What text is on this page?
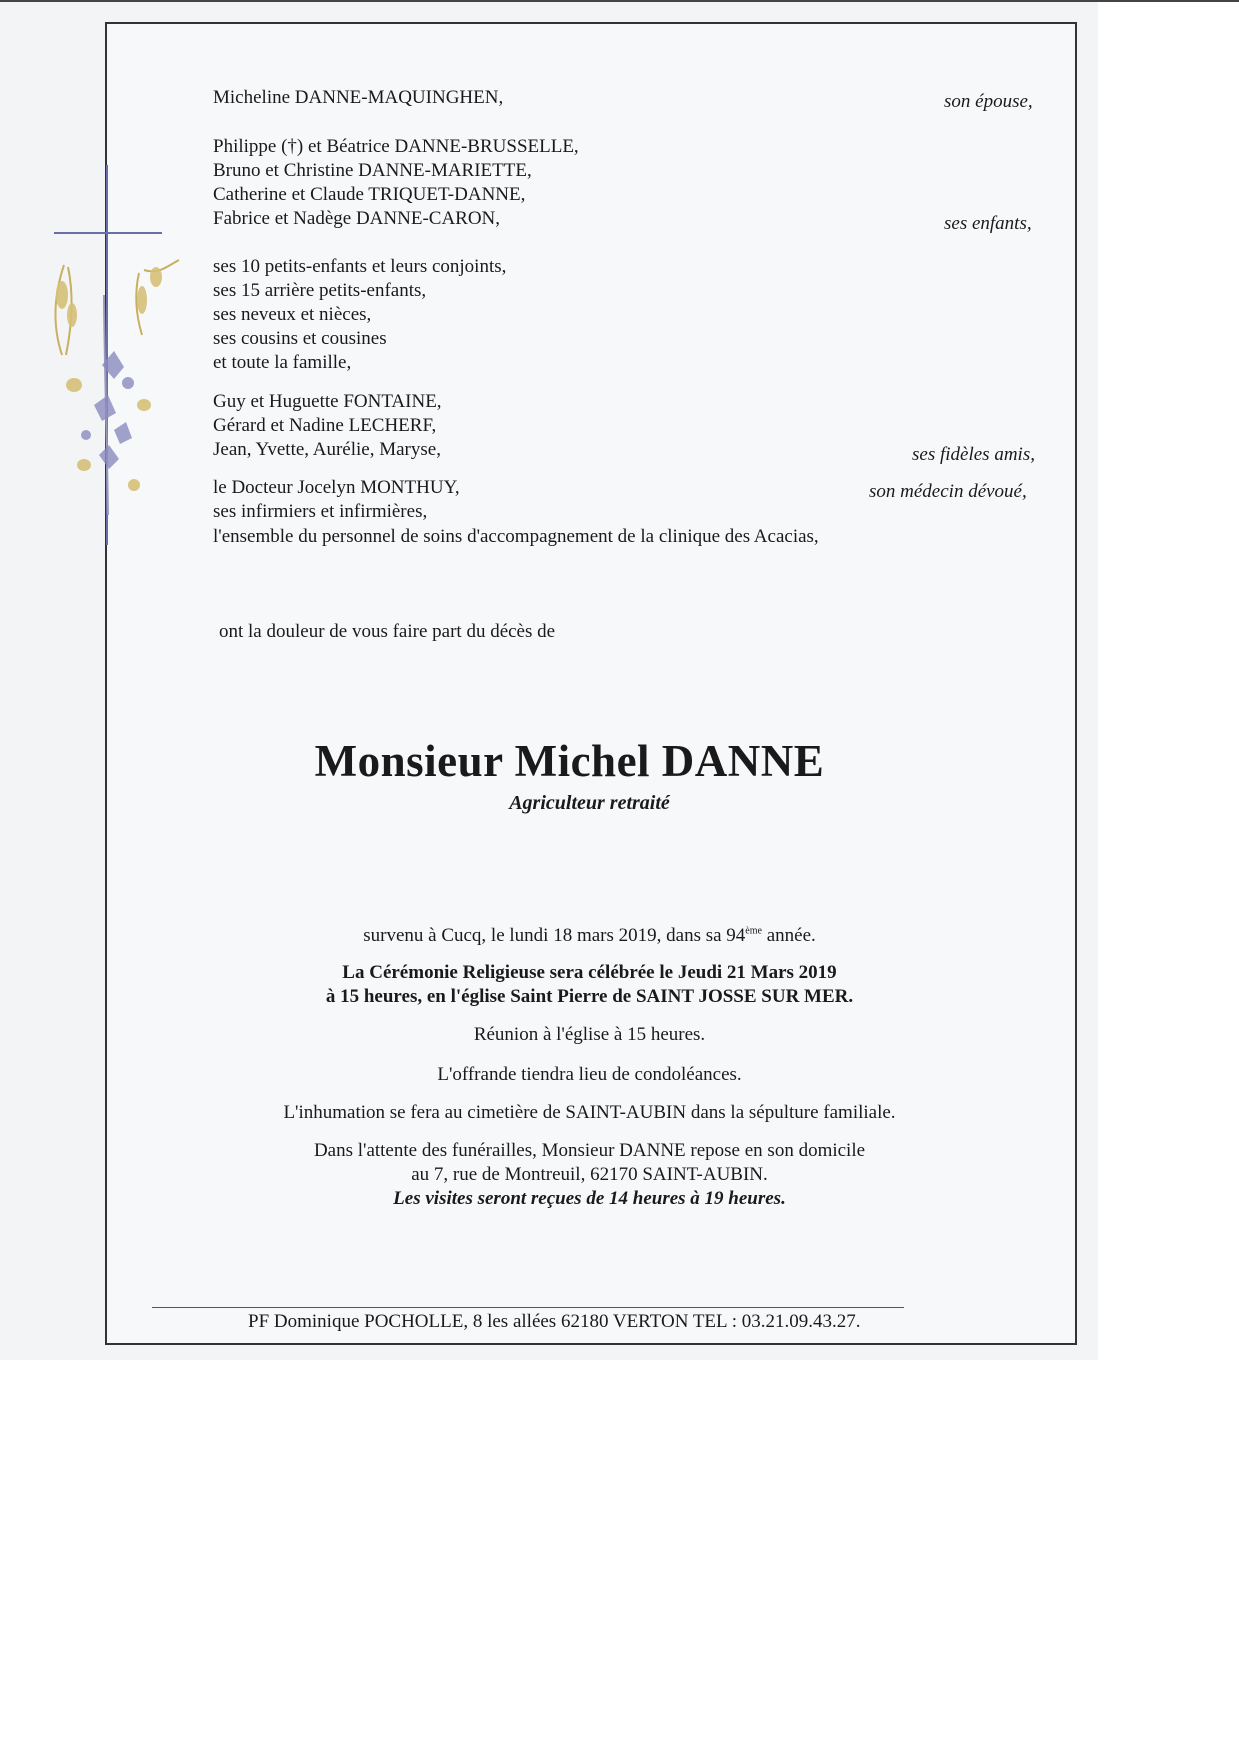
Micheline DANNE-MAQUINGHEN,	son épouse,
Philippe (†) et Béatrice DANNE-BRUSSELLE,
Bruno et Christine DANNE-MARIETTE,
Catherine et Claude TRIQUET-DANNE,
Fabrice et Nadège DANNE-CARON,	ses enfants,
ses 10 petits-enfants et leurs conjoints,
ses 15 arrière petits-enfants,
ses neveux et nièces,
ses cousins et cousines
et toute la famille,
Guy et Huguette FONTAINE,
Gérard et Nadine LECHERF,
Jean, Yvette, Aurélie, Maryse,	ses fidèles amis,
le Docteur Jocelyn MONTHUY,	son médecin dévoué,
ses infirmiers et infirmières,
l'ensemble du personnel de soins d'accompagnement de la clinique des Acacias,
ont la douleur de vous faire part du décès de
Monsieur Michel DANNE
Agriculteur retraité
survenu à Cucq, le lundi 18 mars 2019, dans sa 94ème année.
La Cérémonie Religieuse sera célébrée le Jeudi 21 Mars 2019
à 15 heures, en l'église Saint Pierre de SAINT JOSSE SUR MER.
Réunion à l'église à 15 heures.
L'offrande tiendra lieu de condoléances.
L'inhumation se fera au cimetière de SAINT-AUBIN dans la sépulture familiale.
Dans l'attente des funérailles, Monsieur DANNE repose en son domicile
au 7, rue de Montreuil, 62170 SAINT-AUBIN.
Les visites seront reçues de 14 heures à 19 heures.
PF Dominique POCHOLLE, 8 les allées 62180 VERTON TEL : 03.21.09.43.27.
